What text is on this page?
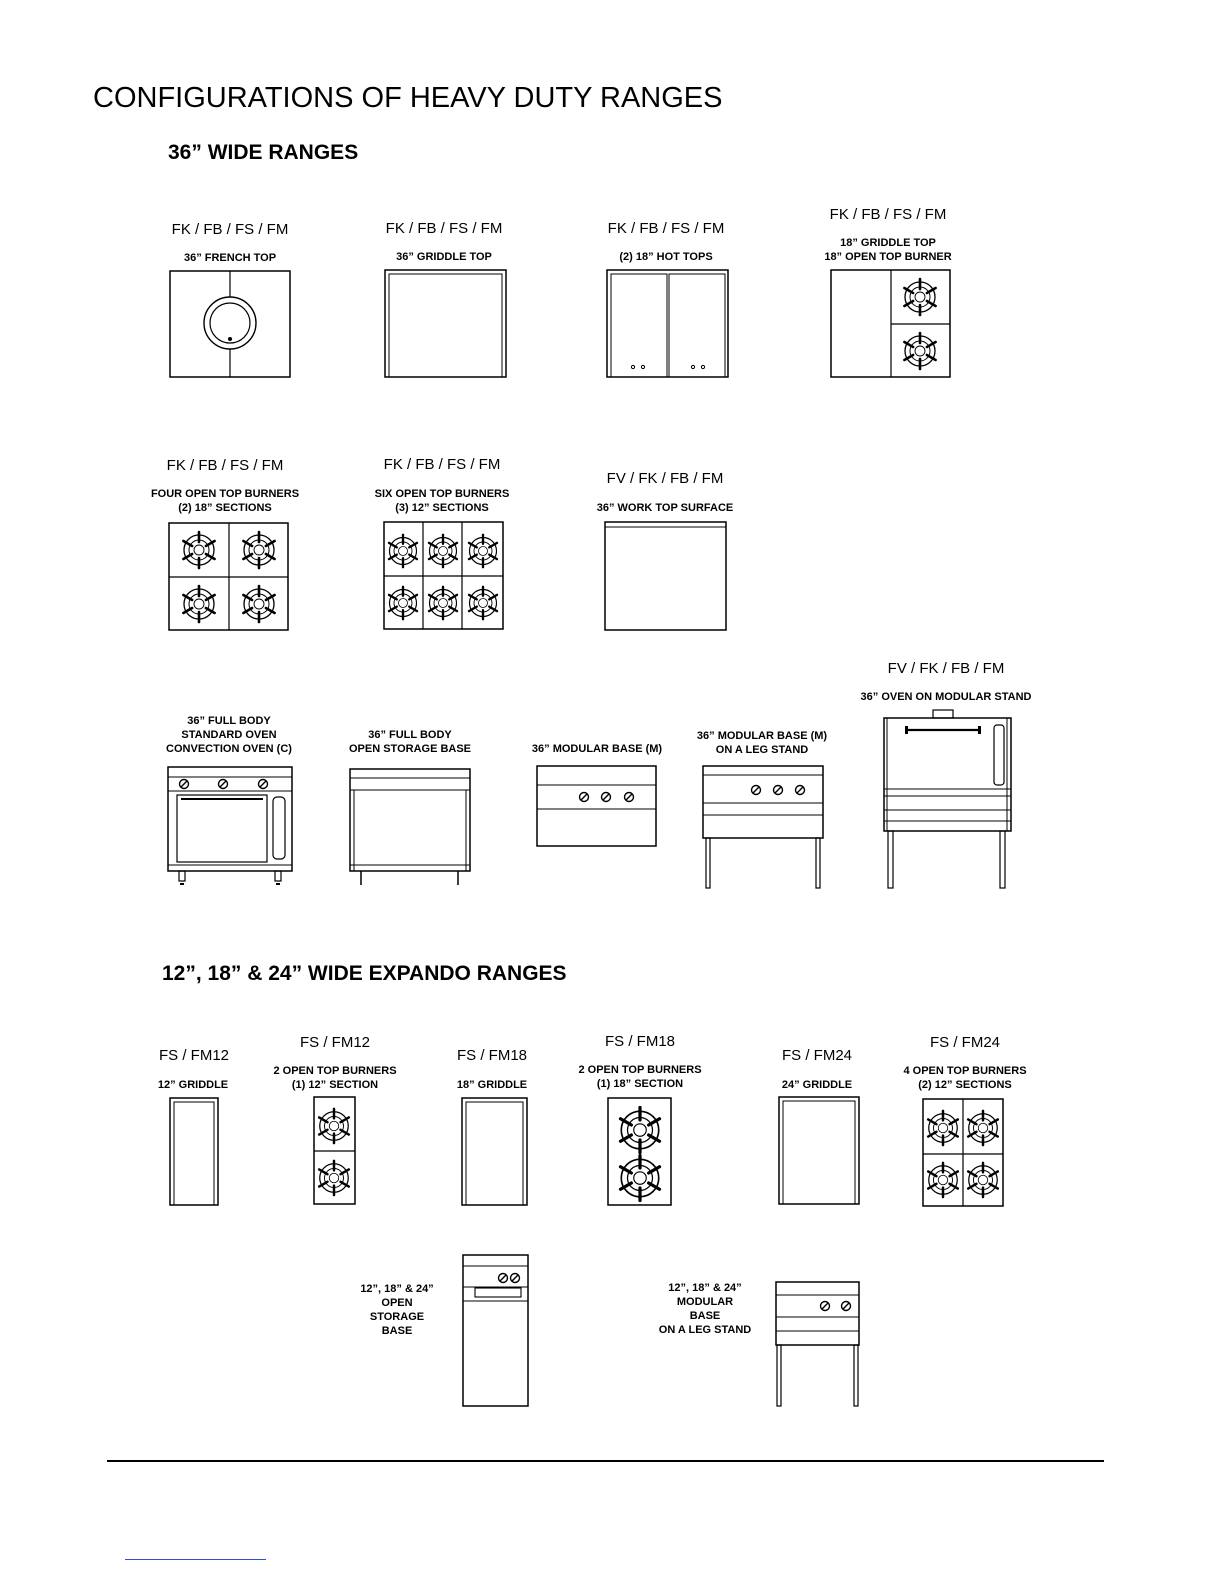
CONFIGURATIONS OF HEAVY DUTY RANGES
36” WIDE RANGES
12”, 18” & 24” WIDE EXPANDO RANGES
FK / FB / FS / FM
36” FRENCH TOP
FK / FB / FS / FM
36” GRIDDLE TOP
FK / FB / FS / FM
(2) 18” HOT TOPS
FK / FB / FS / FM
18” GRIDDLE TOP
18” OPEN TOP BURNER
FK / FB / FS / FM
FOUR OPEN TOP BURNERS
(2) 18” SECTIONS
FK / FB / FS / FM
SIX OPEN TOP BURNERS
(3) 12” SECTIONS
FV / FK / FB / FM
36” WORK TOP SURFACE
36” FULL BODY
STANDARD OVEN
CONVECTION OVEN (C)
36” FULL BODY
OPEN STORAGE BASE	36” MODULAR BASE (M)
36” MODULAR BASE (M)
ON A LEG STAND
FV / FK / FB / FM
36” OVEN ON MODULAR STAND
FS / FM12
12” GRIDDLE
FS / FM12
2 OPEN TOP BURNERS
(1) 12” SECTION
FS / FM18
18” GRIDDLE
FS / FM18
2 OPEN TOP BURNERS
(1) 18” SECTION
FS / FM24
24” GRIDDLE
FS / FM24
4 OPEN TOP BURNERS
(2) 12” SECTIONS
12”, 18” & 24”
OPEN
STORAGE
BASE
12”, 18” & 24”
MODULAR
BASE
ON A LEG STAND
